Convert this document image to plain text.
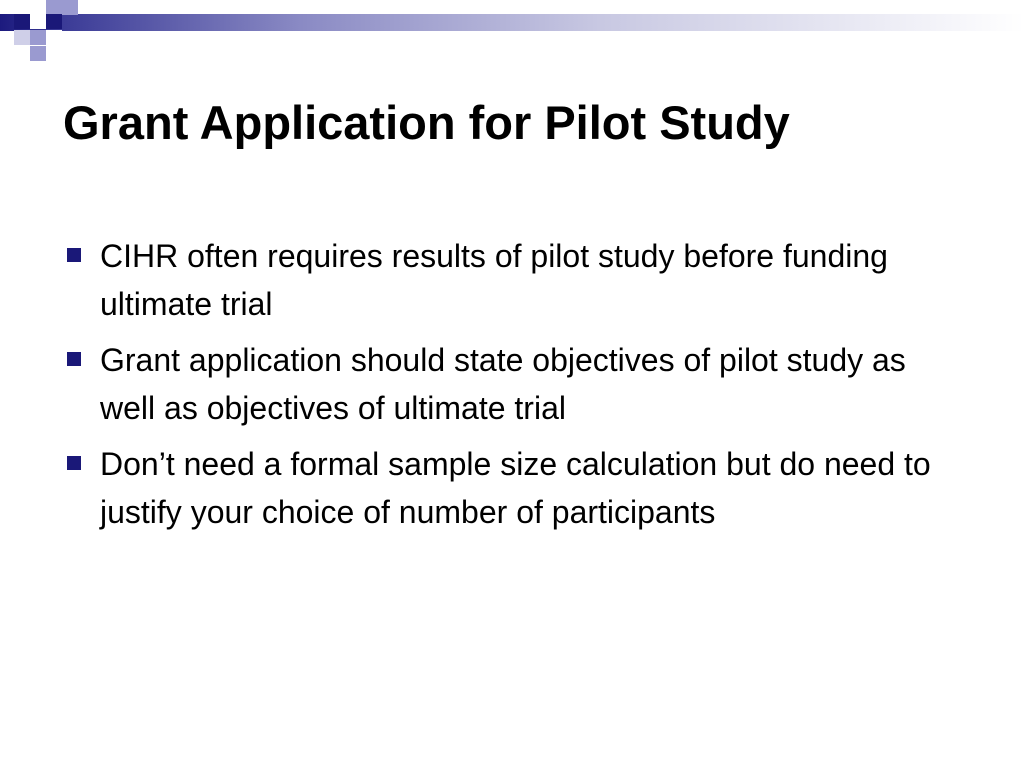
Grant Application for Pilot Study
CIHR often requires results of pilot study before funding ultimate trial
Grant application should state objectives of pilot study as well as objectives of ultimate trial
Don’t need a formal sample size calculation but do need to justify your choice of number of participants
